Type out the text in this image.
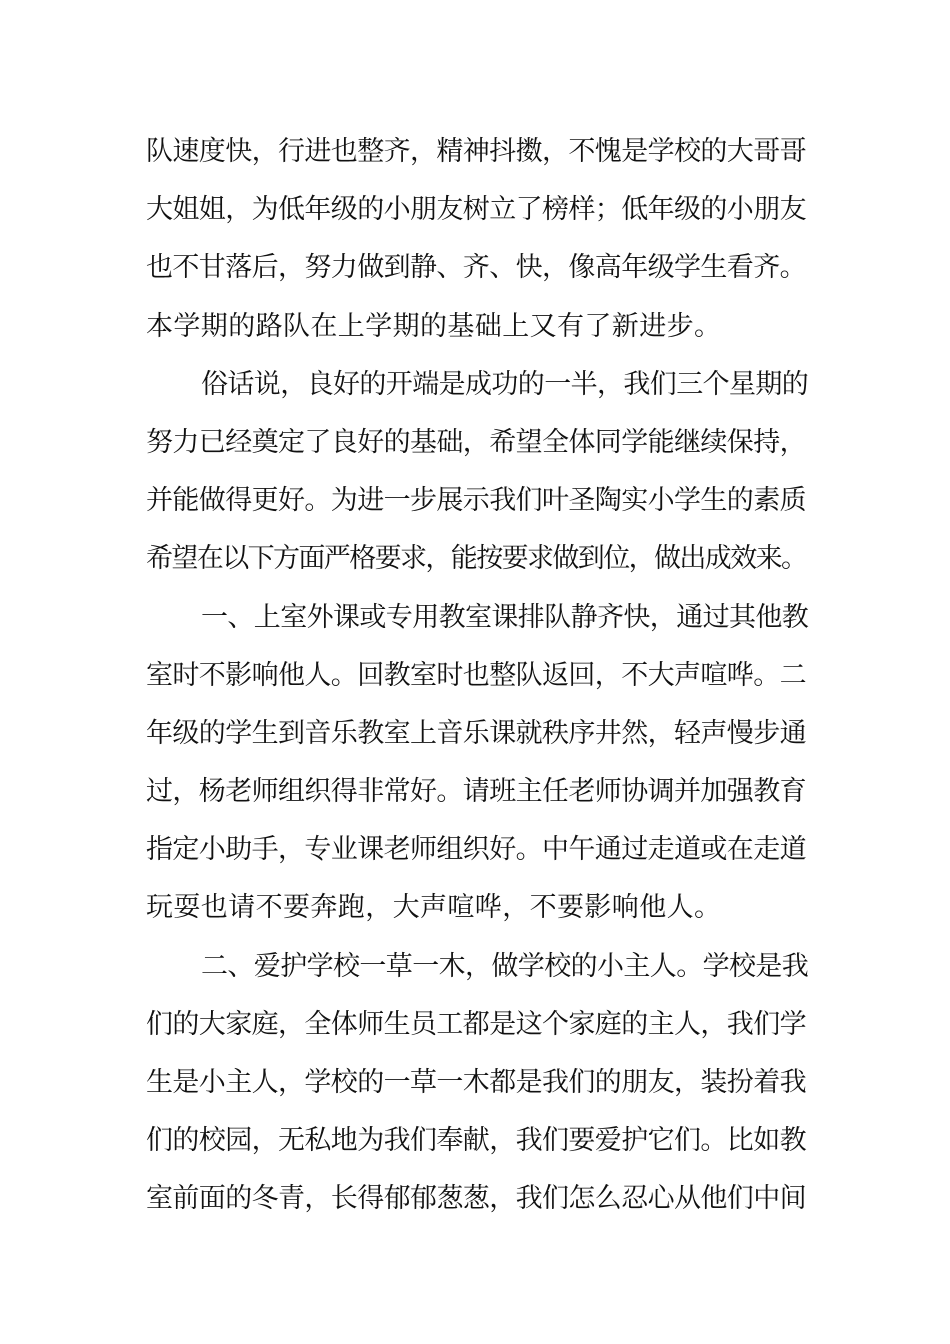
队速度快，行进也整齐，精神抖擞，不愧是学校的大哥哥
大姐姐，为低年级的小朋友树立了榜样；低年级的小朋友
也不甘落后，努力做到静、齐、快，像高年级学生看齐。
本学期的路队在上学期的基础上又有了新进步。
俗话说，良好的开端是成功的一半，我们三个星期的
努力已经奠定了良好的基础，希望全体同学能继续保持，
并能做得更好。为进一步展示我们叶圣陶实小学生的素质
希望在以下方面严格要求，能按要求做到位，做出成效来。
一、上室外课或专用教室课排队静齐快，通过其他教
室时不影响他人。回教室时也整队返回，不大声喧哗。二
年级的学生到音乐教室上音乐课就秩序井然，轻声慢步通
过，杨老师组织得非常好。请班主任老师协调并加强教育
指定小助手，专业课老师组织好。中午通过走道或在走道
玩耍也请不要奔跑，大声喧哗，不要影响他人。
二、爱护学校一草一木，做学校的小主人。学校是我
们的大家庭，全体师生员工都是这个家庭的主人，我们学
生是小主人，学校的一草一木都是我们的朋友，装扮着我
们的校园，无私地为我们奉献，我们要爱护它们。比如教
室前面的冬青，长得郁郁葱葱，我们怎么忍心从他们中间
